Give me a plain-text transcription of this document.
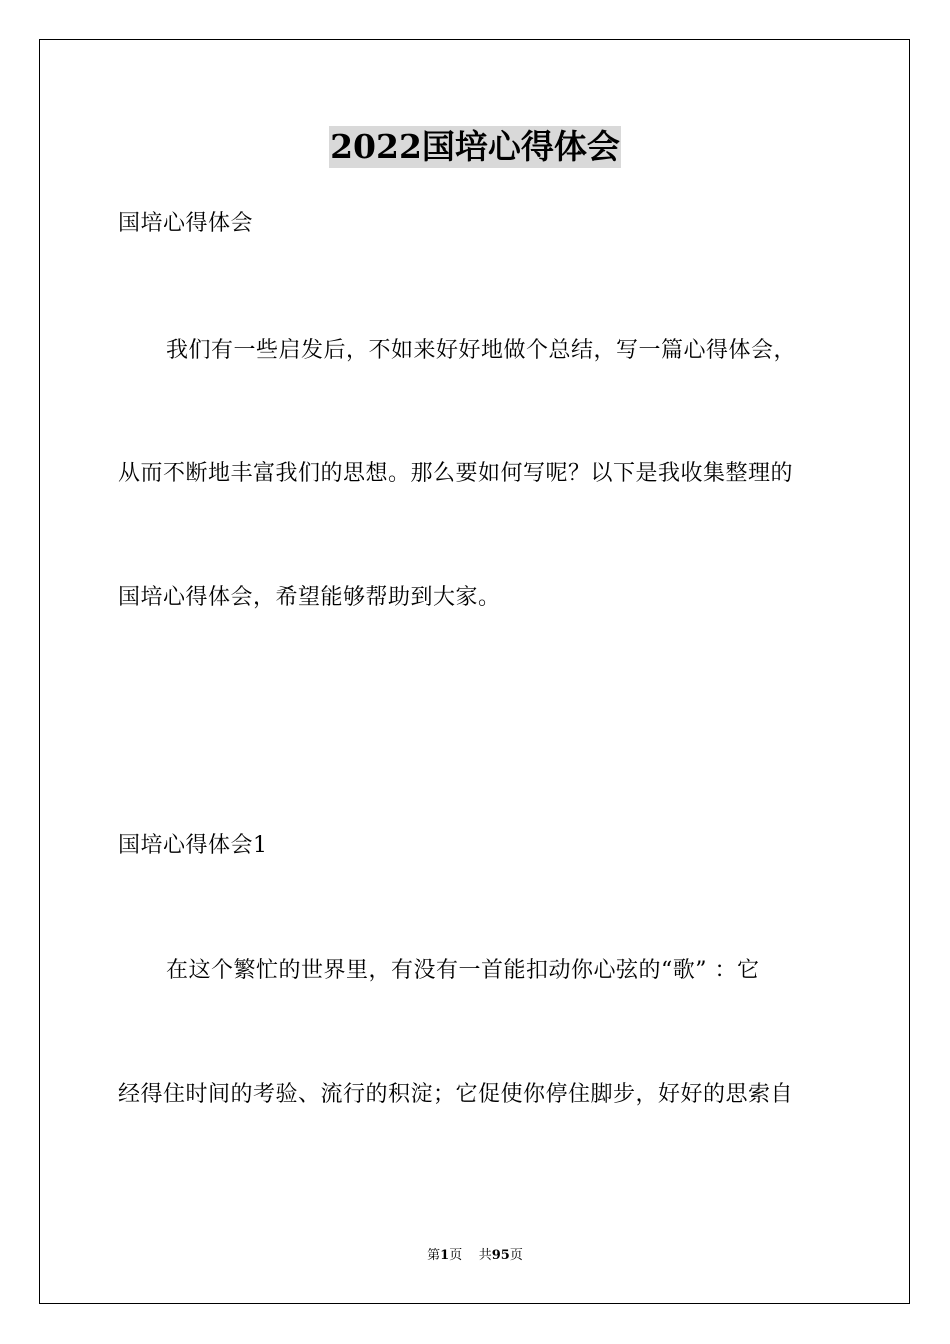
2022国培心得体会
国培心得体会
我们有一些启发后，不如来好好地做个总结，写一篇心得体会，
从而不断地丰富我们的思想。那么要如何写呢？以下是我收集整理的
国培心得体会，希望能够帮助到大家。
国培心得体会1
在这个繁忙的世界里，有没有一首能扣动你心弦的“歌” ：它
经得住时间的考验、流行的积淀；它促使你停住脚步，好好的思索自
第1页 共95页
